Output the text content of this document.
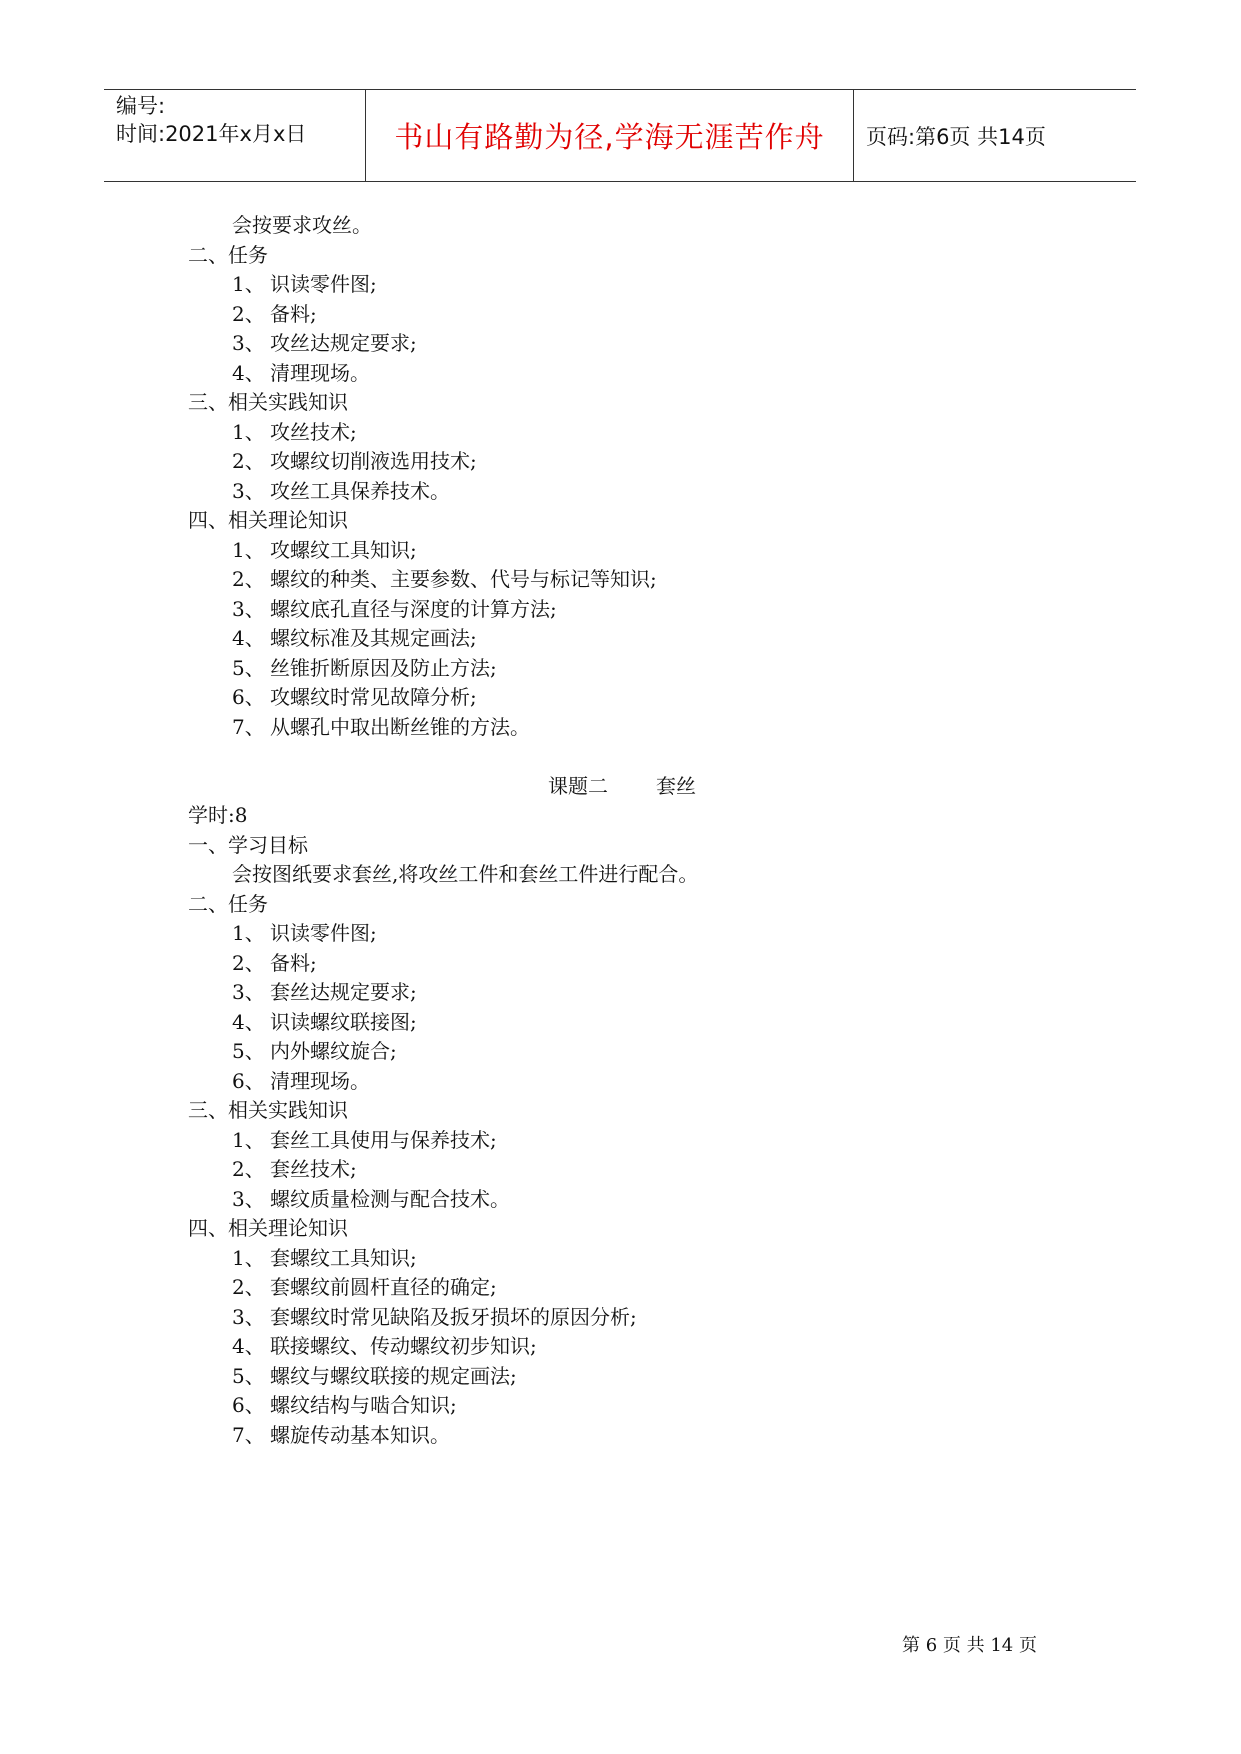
编号:
时间:2021年x月x日	书山有路勤为径,学海无涯苦作舟	页码:第6页 共14页
会按要求攻丝。
二、任务
1、 识读零件图;
2、 备料;
3、 攻丝达规定要求;
4、 清理现场。
三、相关实践知识
1、 攻丝技术;
2、 攻螺纹切削液选用技术;
3、 攻丝工具保养技术。
四、相关理论知识
1、 攻螺纹工具知识;
2、 螺纹的种类、主要参数、代号与标记等知识;
3、 螺纹底孔直径与深度的计算方法;
4、 螺纹标准及其规定画法;
5、 丝锥折断原因及防止方法;
6、 攻螺纹时常见故障分析;
7、 从螺孔中取出断丝锥的方法。
课题二 套丝
学时:8
一、学习目标
会按图纸要求套丝,将攻丝工件和套丝工件进行配合。
二、任务
1、 识读零件图;
2、 备料;
3、 套丝达规定要求;
4、 识读螺纹联接图;
5、 内外螺纹旋合;
6、 清理现场。
三、相关实践知识
1、 套丝工具使用与保养技术;
2、 套丝技术;
3、 螺纹质量检测与配合技术。
四、相关理论知识
1、 套螺纹工具知识;
2、 套螺纹前圆杆直径的确定;
3、 套螺纹时常见缺陷及扳牙损坏的原因分析;
4、 联接螺纹、传动螺纹初步知识;
5、 螺纹与螺纹联接的规定画法;
6、 螺纹结构与啮合知识;
7、 螺旋传动基本知识。
第 6 页 共 14 页
